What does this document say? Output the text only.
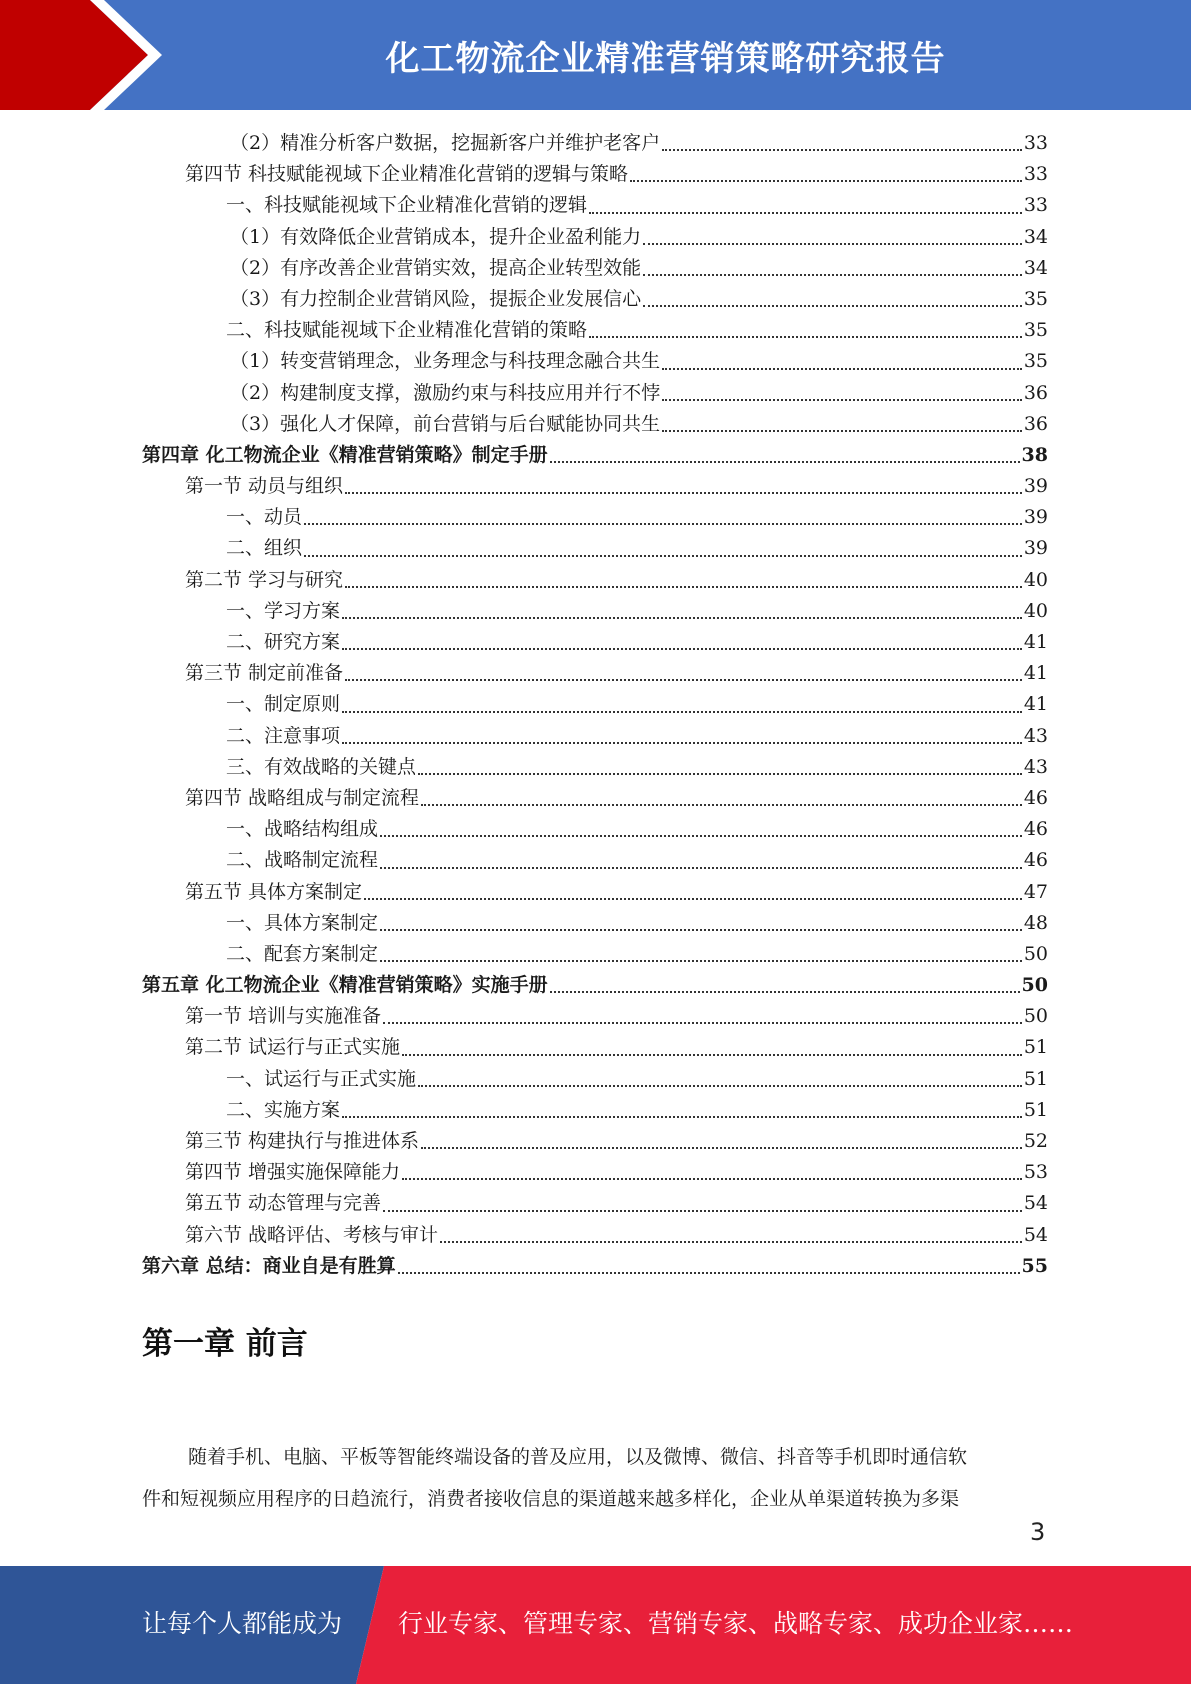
化工物流企业精准营销策略研究报告
（2）精准分析客户数据，挖掘新客户并维护老客户	33
第四节 科技赋能视域下企业精准化营销的逻辑与策略	33
一、科技赋能视域下企业精准化营销的逻辑	33
（1）有效降低企业营销成本，提升企业盈利能力	34
（2）有序改善企业营销实效，提高企业转型效能	34
（3）有力控制企业营销风险，提振企业发展信心	35
二、科技赋能视域下企业精准化营销的策略	35
（1）转变营销理念，业务理念与科技理念融合共生	35
（2）构建制度支撑，激励约束与科技应用并行不悖	36
（3）强化人才保障，前台营销与后台赋能协同共生	36
第四章 化工物流企业《精准营销策略》制定手册	38
第一节 动员与组织	39
一、动员	39
二、组织	39
第二节 学习与研究	40
一、学习方案	40
二、研究方案	41
第三节 制定前准备	41
一、制定原则	41
二、注意事项	43
三、有效战略的关键点	43
第四节 战略组成与制定流程	46
一、战略结构组成	46
二、战略制定流程	46
第五节 具体方案制定	47
一、具体方案制定	48
二、配套方案制定	50
第五章 化工物流企业《精准营销策略》实施手册	50
第一节 培训与实施准备	50
第二节 试运行与正式实施	51
一、试运行与正式实施	51
二、实施方案	51
第三节 构建执行与推进体系	52
第四节 增强实施保障能力	53
第五节 动态管理与完善	54
第六节 战略评估、考核与审计	54
第六章 总结：商业自是有胜算	55
第一章 前言

随着手机、电脑、平板等智能终端设备的普及应用，以及微博、微信、抖音等手机即时通信软
件和短视频应用程序的日趋流行，消费者接收信息的渠道越来越多样化，企业从单渠道转换为多渠

3
让每个人都能成为 行业专家、管理专家、营销专家、战略专家、成功企业家……
